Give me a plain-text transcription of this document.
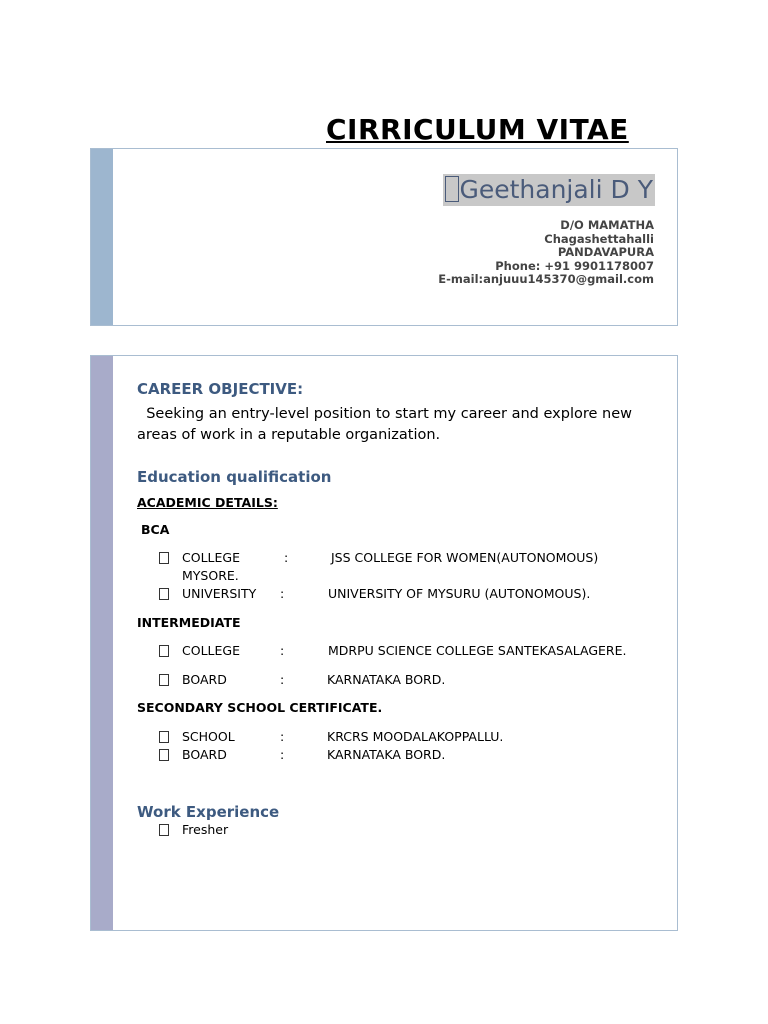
CIRRICULUM VITAE
Geethanjali D Y
D/O MAMATHA
Chagashettahalli
PANDAVAPURA
Phone: +91 9901178007
E-mail:anjuuu145370@gmail.com
CAREER OBJECTIVE:
Seeking an entry-level position to start my career and explore new areas of work in a reputable organization.
Education qualification
ACADEMIC DETAILS:
BCA
COLLEGE	:	JSS COLLEGE FOR WOMEN(AUTONOMOUS)
MYSORE.
UNIVERSITY :	UNIVERSITY OF MYSURU (AUTONOMOUS).
INTERMEDIATE
COLLEGE	:	MDRPU SCIENCE COLLEGE SANTEKASALAGERE.
BOARD	:	KARNATAKA BORD.
SECONDARY SCHOOL CERTIFICATE.
SCHOOL	:	KRCRS MOODALAKOPPALLU.
BOARD	:	KARNATAKA BORD.
Work Experience
Fresher
